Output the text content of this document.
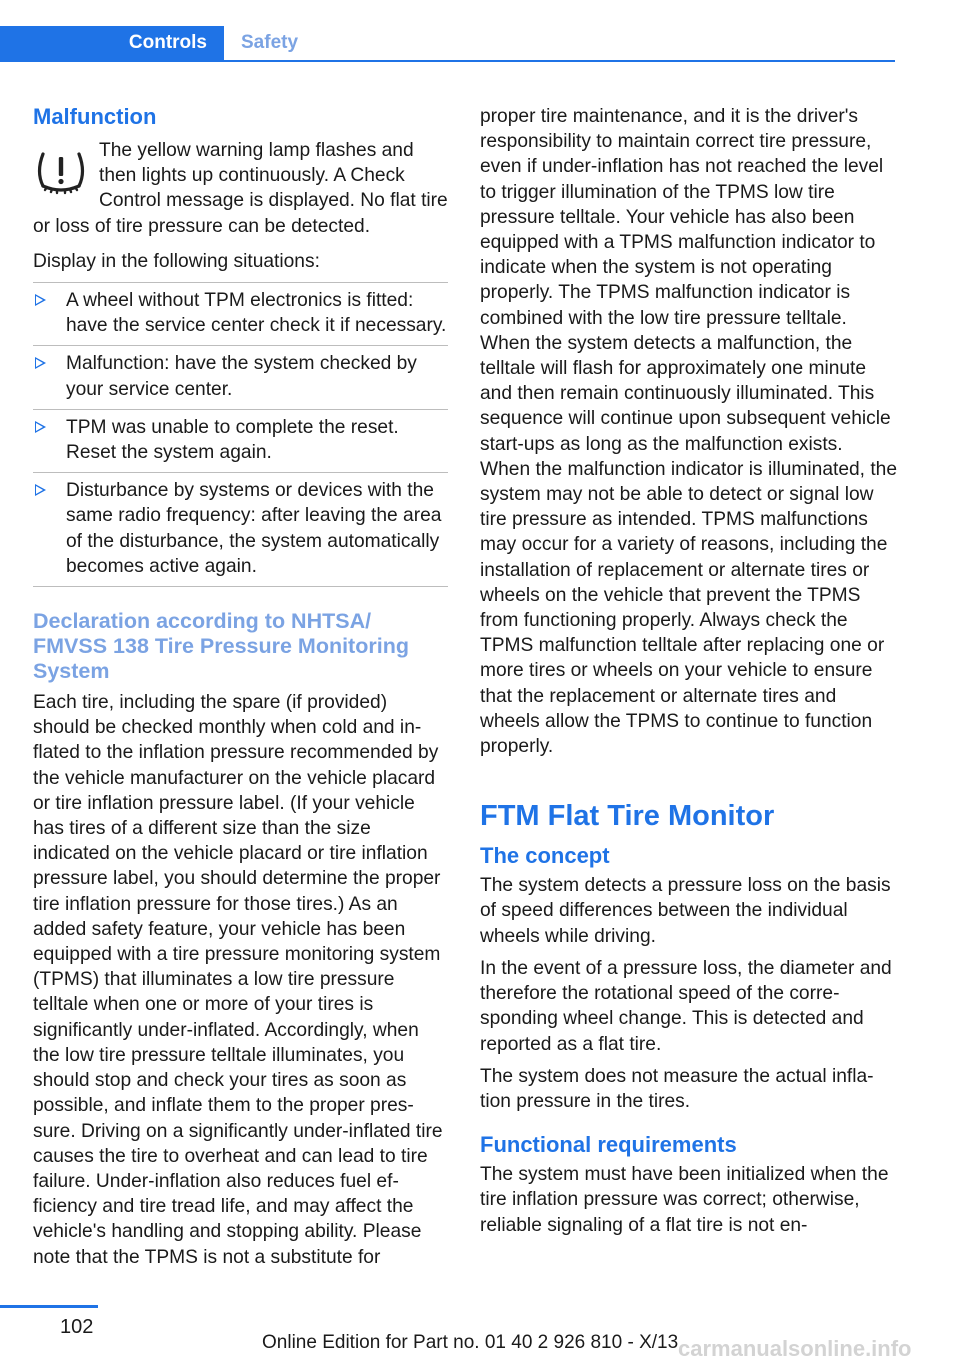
Controls	Safety
Malfunction

The yellow warning lamp flashes and then lights up continuously. A Check Control message is displayed. No flat tire or loss of tire pressure can be detected.

Display in the following situations:

A wheel without TPM electronics is fitted: have the service center check it if necessary.
Malfunction: have the system checked by your service center.
TPM was unable to complete the reset. Reset the system again.
Disturbance by systems or devices with the same radio frequency: after leaving the area of the disturbance, the system automatically becomes active again.
Declaration according to NHTSA/ FMVSS 138 Tire Pressure Monitoring System

Each tire, including the spare (if provided) should be checked monthly when cold and inflated to the inflation pressure recommended by the vehicle manufacturer on the vehicle placard or tire inflation pressure label. (If your vehicle has tires of a different size than the size indicated on the vehicle placard or tire inflation pressure label, you should determine the proper tire inflation pressure for those tires.) As an added safety feature, your vehicle has been equipped with a tire pressure monitoring system (TPMS) that illuminates a low tire pressure telltale when one or more of your tires is significantly under-inflated. Accordingly, when the low tire pressure telltale illuminates, you should stop and check your tires as soon as possible, and inflate them to the proper pressure. Driving on a significantly under-inflated tire causes the tire to overheat and can lead to tire failure. Under-inflation also reduces fuel efficiency and tire tread life, and may affect the vehicle's handling and stopping ability. Please note that the TPMS is not a substitute for

proper tire maintenance, and it is the driver's responsibility to maintain correct tire pressure, even if under-inflation has not reached the level to trigger illumination of the TPMS low tire pressure telltale. Your vehicle has also been equipped with a TPMS malfunction indicator to indicate when the system is not operating properly. The TPMS malfunction indicator is combined with the low tire pressure telltale. When the system detects a malfunction, the telltale will flash for approximately one minute and then remain continuously illuminated. This sequence will continue upon subsequent vehicle start-ups as long as the malfunction exists. When the malfunction indicator is illuminated, the system may not be able to detect or signal low tire pressure as intended. TPMS malfunctions may occur for a variety of reasons, including the installation of replacement or alternate tires or wheels on the vehicle that prevent the TPMS from functioning properly. Always check the TPMS malfunction telltale after replacing one or more tires or wheels on your vehicle to ensure that the replacement or alternate tires and wheels allow the TPMS to continue to function properly.

FTM Flat Tire Monitor
The concept

The system detects a pressure loss on the basis of speed differences between the individual wheels while driving.

In the event of a pressure loss, the diameter and therefore the rotational speed of the corresponding wheel change. This is detected and reported as a flat tire.

The system does not measure the actual inflation pressure in the tires.

Functional requirements

The system must have been initialized when the tire inflation pressure was correct; otherwise, reliable signaling of a flat tire is not en-

102
Online Edition for Part no. 01 40 2 926 810 - X/13 carmanualsonline.info
